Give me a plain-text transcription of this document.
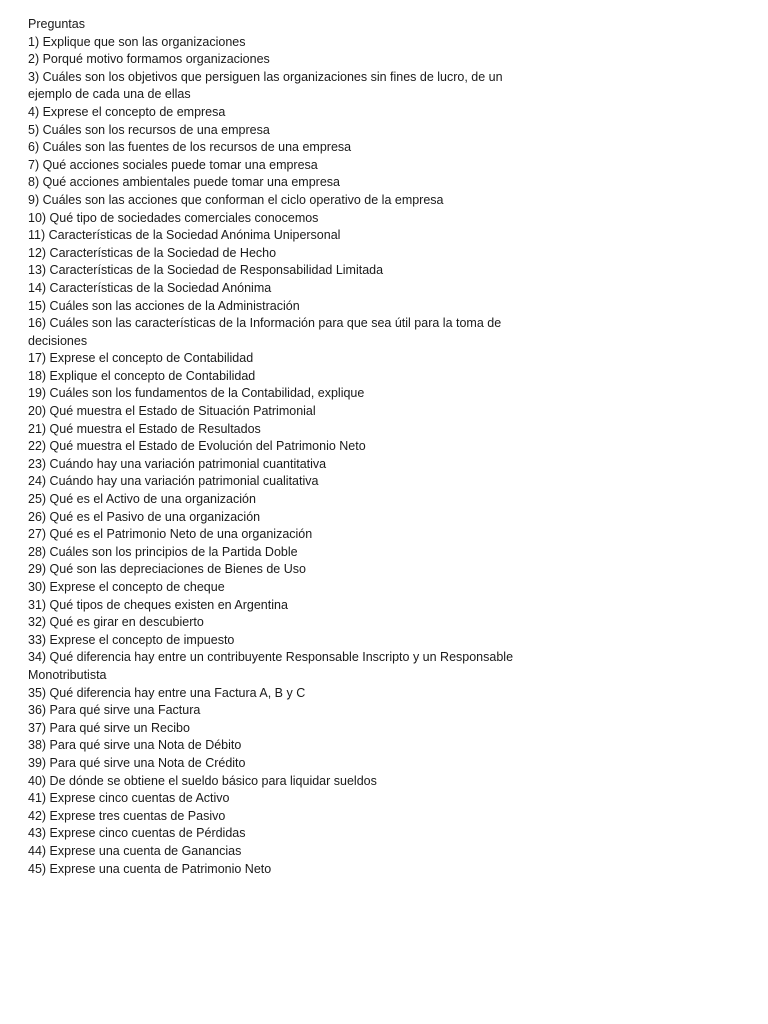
Preguntas

1) Explique que son las organizaciones
2) Porqué motivo formamos organizaciones
3) Cuáles son los objetivos que persiguen las organizaciones sin fines de lucro, de un ejemplo de cada una de ellas
4) Exprese el concepto de empresa
5) Cuáles son los recursos de una empresa
6) Cuáles son las fuentes de los recursos de una empresa
7) Qué acciones sociales puede tomar una empresa
8) Qué acciones ambientales puede tomar una empresa
9) Cuáles son las acciones que conforman el ciclo operativo de la empresa
10) Qué tipo de sociedades comerciales conocemos
11) Características de la Sociedad Anónima Unipersonal
12) Características de la Sociedad de Hecho
13) Características de la Sociedad de Responsabilidad Limitada
14) Características de la Sociedad Anónima
15) Cuáles son las acciones de la Administración
16) Cuáles son las características de la Información para que sea útil para la toma de decisiones
17) Exprese el concepto de Contabilidad
18) Explique el concepto de Contabilidad
19) Cuáles son los fundamentos de la Contabilidad, explique
20) Qué muestra el Estado de Situación Patrimonial
21) Qué muestra el Estado de Resultados
22) Qué muestra el Estado de Evolución del Patrimonio Neto
23) Cuándo hay una variación patrimonial cuantitativa
24) Cuándo hay una variación patrimonial cualitativa
25) Qué es el Activo de una organización
26) Qué es el Pasivo de una organización
27) Qué es el Patrimonio Neto de una organización
28) Cuáles son los principios de la Partida Doble
29) Qué son las depreciaciones de Bienes de Uso
30) Exprese el concepto de cheque
31) Qué tipos de cheques existen en Argentina
32) Qué es girar en descubierto
33) Exprese el concepto de impuesto
34) Qué diferencia hay entre un contribuyente Responsable Inscripto y un Responsable Monotributista
35) Qué diferencia hay entre una Factura A, B y C
36) Para qué sirve una Factura
37) Para qué sirve un Recibo
38) Para qué sirve una Nota de Débito
39) Para qué sirve una Nota de Crédito
40) De dónde se obtiene el sueldo básico para liquidar sueldos
41) Exprese cinco cuentas de Activo
42) Exprese tres cuentas de Pasivo
43) Exprese cinco cuentas de Pérdidas
44) Exprese una cuenta de Ganancias
45) Exprese una cuenta de Patrimonio Neto
